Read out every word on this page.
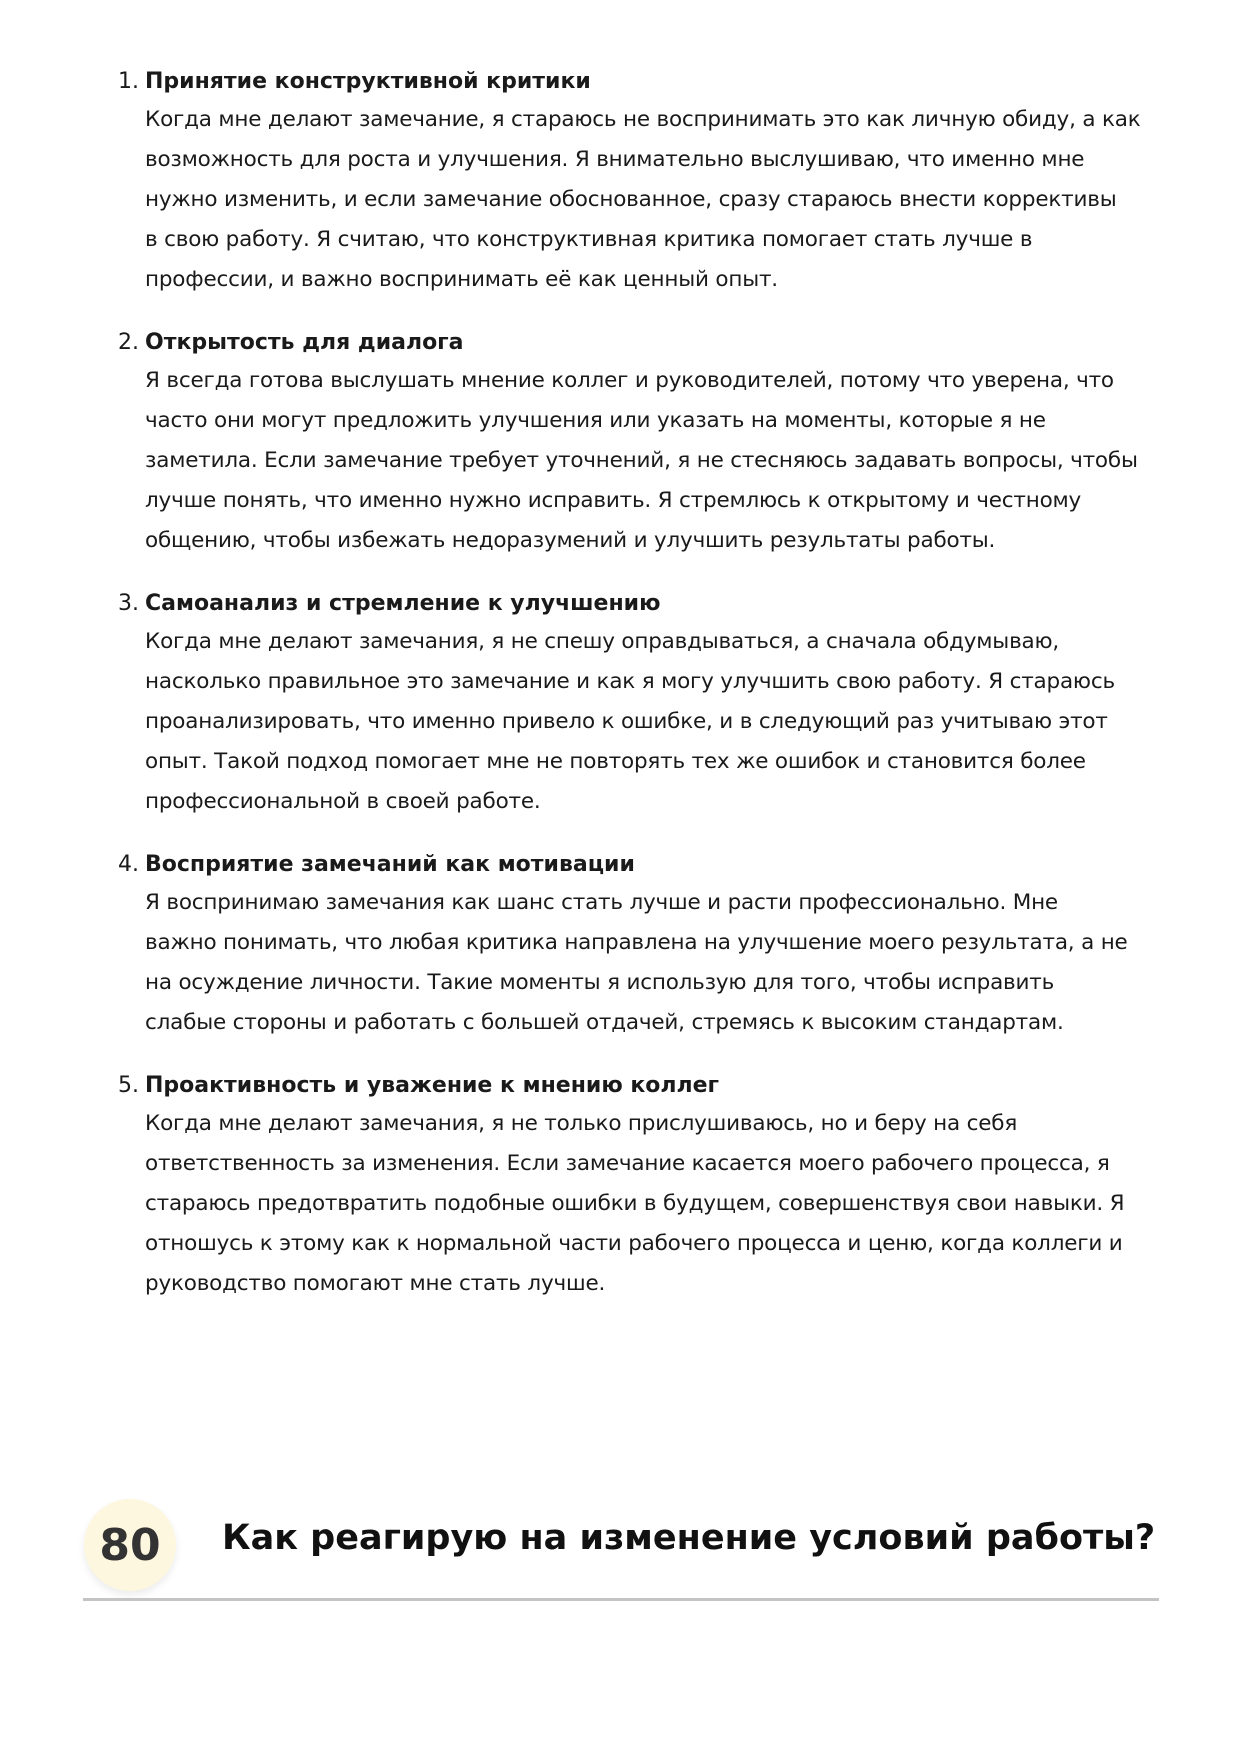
1. Принятие конструктивной критики
Когда мне делают замечание, я стараюсь не воспринимать это как личную обиду, а как
возможность для роста и улучшения. Я внимательно выслушиваю, что именно мне
нужно изменить, и если замечание обоснованное, сразу стараюсь внести коррективы
в свою работу. Я считаю, что конструктивная критика помогает стать лучше в
профессии, и важно воспринимать её как ценный опыт.
2. Открытость для диалога
Я всегда готова выслушать мнение коллег и руководителей, потому что уверена, что
часто они могут предложить улучшения или указать на моменты, которые я не
заметила. Если замечание требует уточнений, я не стесняюсь задавать вопросы, чтобы
лучше понять, что именно нужно исправить. Я стремлюсь к открытому и честному
общению, чтобы избежать недоразумений и улучшить результаты работы.
3. Самоанализ и стремление к улучшению
Когда мне делают замечания, я не спешу оправдываться, а сначала обдумываю,
насколько правильное это замечание и как я могу улучшить свою работу. Я стараюсь
проанализировать, что именно привело к ошибке, и в следующий раз учитываю этот
опыт. Такой подход помогает мне не повторять тех же ошибок и становится более
профессиональной в своей работе.
4. Восприятие замечаний как мотивации
Я воспринимаю замечания как шанс стать лучше и расти профессионально. Мне
важно понимать, что любая критика направлена на улучшение моего результата, а не
на осуждение личности. Такие моменты я использую для того, чтобы исправить
слабые стороны и работать с большей отдачей, стремясь к высоким стандартам.
5. Проактивность и уважение к мнению коллег
Когда мне делают замечания, я не только прислушиваюсь, но и беру на себя
ответственность за изменения. Если замечание касается моего рабочего процесса, я
стараюсь предотвратить подобные ошибки в будущем, совершенствуя свои навыки. Я
отношусь к этому как к нормальной части рабочего процесса и ценю, когда коллеги и
руководство помогают мне стать лучше.
80	Как реагирую на изменение условий работы?
